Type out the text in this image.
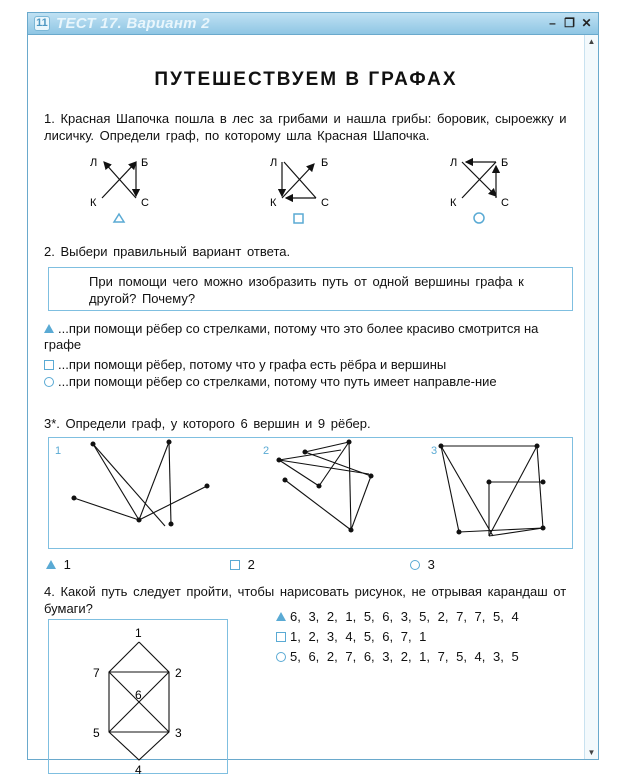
11 ТЕСТ 17. Вариант 2	– ❐ ✕
▲
▼
ПУТЕШЕСТВУЕМ В ГРАФАХ
1. Красная Шапочка пошла в лес за грибами и нашла грибы: боровик, сыроежку и лисичку. Определи граф, по которому шла Красная Шапочка.
Л	Б
К	С
Л	Б
К	С
Л	Б
К	С
2. Выбери правильный вариант ответа.
При помощи чего можно изобразить путь от одной вершины графа к другой? Почему?
...при помощи рёбер со стрелками, потому что это более красиво смотрится на графе
...при помощи рёбер, потому что у графа есть рёбра и вершины
...при помощи рёбер со стрелками, потому что путь имеет направле-ние
3*. Определи граф, у которого 6 вершин и 9 рёбер.
1	2	3
1	2	3
4. Какой путь следует пройти, чтобы нарисовать рисунок, не отрывая карандаш от бумаги?
1
2
3
4
5
6
7
6, 3, 2, 1, 5, 6, 3, 5, 2, 7, 7, 5, 4
1, 2, 3, 4, 5, 6, 7, 1
5, 6, 2, 7, 6, 3, 2, 1, 7, 5, 4, 3, 5
